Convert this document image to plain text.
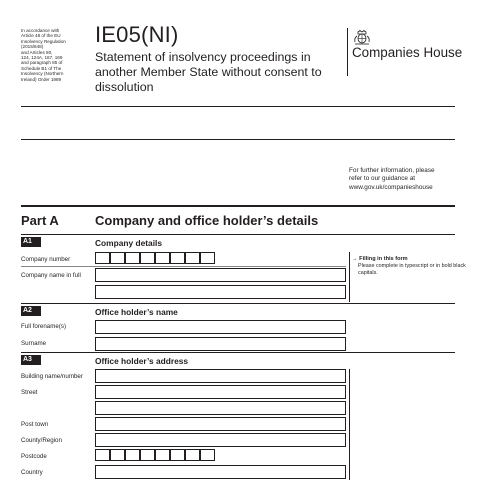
In accordance with
Article 48 of the EU
Insolvency Regulation
(2015/848)
and Articles 80,
124, 124A, 167, 169
and paragraph 85 of
Schedule B1 of The
Insolvency (Northern
Ireland) Order 1989
IE05(NI)
Statement of insolvency proceedings in another Member State without consent to dissolution
Companies House
For further information, please
refer to our guidance at
www.gov.uk/companieshouse
Part A	Company and office holder’s details
A1	Company details
Company number
Company name in full
→ Filling in this form
Please complete in typescript or in bold black capitals.
A2	Office holder’s name
Full forename(s)
Surname
A3	Office holder’s address
Building name/number
Street
Post town
County/Region
Postcode
Country
